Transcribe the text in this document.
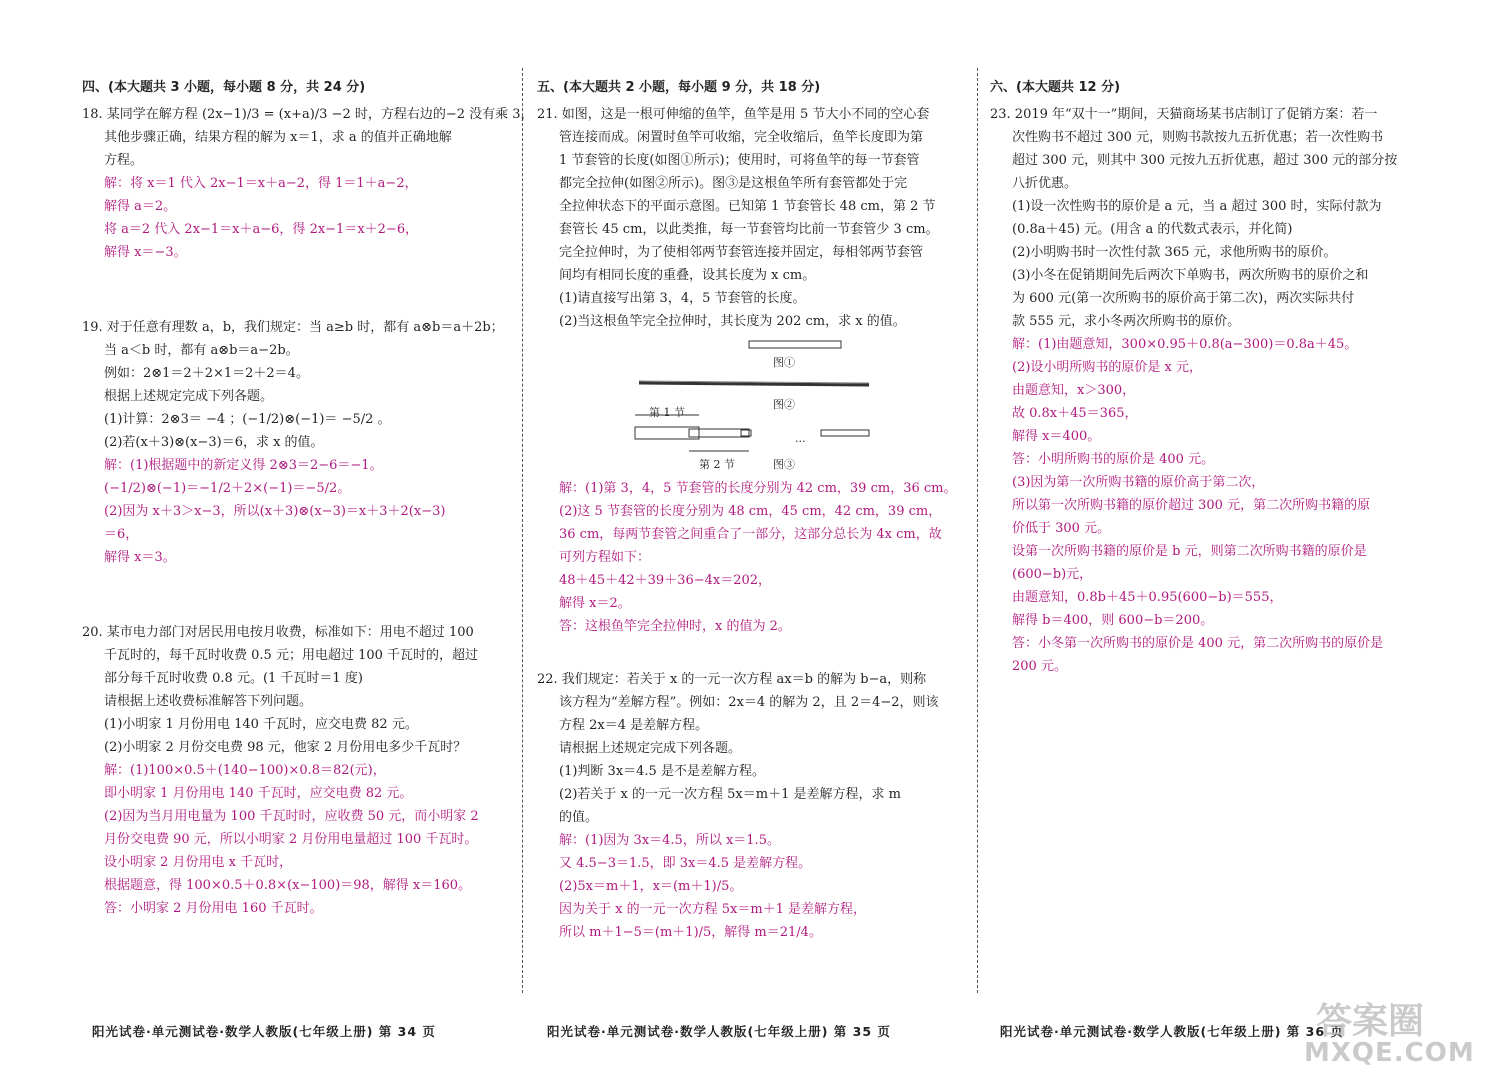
四、(本大题共 3 小题，每小题 8 分，共 24 分)
18. 某同学在解方程 (2x−1)/3 = (x+a)/3 −2 时，方程右边的−2 没有乘 3，
其他步骤正确，结果方程的解为 x＝1，求 a 的值并正确地解
方程。
解：将 x＝1 代入 2x−1＝x＋a−2，得 1＝1＋a−2，
解得 a＝2。
将 a＝2 代入 2x−1＝x＋a−6，得 2x−1＝x＋2−6，
解得 x＝−3。
19. 对于任意有理数 a，b，我们规定：当 a≥b 时，都有 a⊗b＝a＋2b；
当 a＜b 时，都有 a⊗b＝a−2b。
例如：2⊗1＝2＋2×1＝2＋2＝4。
根据上述规定完成下列各题。
(1)计算：2⊗3＝ −4 ；(−1/2)⊗(−1)＝ −5/2 。
(2)若(x＋3)⊗(x−3)＝6，求 x 的值。
解：(1)根据题中的新定义得 2⊗3＝2−6＝−1。
(−1/2)⊗(−1)＝−1/2＋2×(−1)＝−5/2。
(2)因为 x＋3＞x−3，所以(x＋3)⊗(x−3)＝x＋3＋2(x−3)
＝6，
解得 x＝3。
20. 某市电力部门对居民用电按月收费，标准如下：用电不超过 100
千瓦时的，每千瓦时收费 0.5 元；用电超过 100 千瓦时的，超过
部分每千瓦时收费 0.8 元。(1 千瓦时＝1 度)
请根据上述收费标准解答下列问题。
(1)小明家 1 月份用电 140 千瓦时，应交电费 82 元。
(2)小明家 2 月份交电费 98 元，他家 2 月份用电多少千瓦时？
解：(1)100×0.5＋(140−100)×0.8＝82(元)，
即小明家 1 月份用电 140 千瓦时，应交电费 82 元。
(2)因为当月用电量为 100 千瓦时时，应收费 50 元，而小明家 2
月份交电费 90 元，所以小明家 2 月份用电量超过 100 千瓦时。
设小明家 2 月份用电 x 千瓦时，
根据题意，得 100×0.5＋0.8×(x−100)＝98，解得 x＝160。
答：小明家 2 月份用电 160 千瓦时。
五、(本大题共 2 小题，每小题 9 分，共 18 分)
21. 如图，这是一根可伸缩的鱼竿，鱼竿是用 5 节大小不同的空心套
管连接而成。闲置时鱼竿可收缩，完全收缩后，鱼竿长度即为第
1 节套管的长度(如图①所示)；使用时，可将鱼竿的每一节套管
都完全拉伸(如图②所示)。图③是这根鱼竿所有套管都处于完
全拉伸状态下的平面示意图。已知第 1 节套管长 48 cm，第 2 节
套管长 45 cm，以此类推，每一节套管均比前一节套管少 3 cm。
完全拉伸时，为了使相邻两节套管连接并固定，每相邻两节套管
间均有相同长度的重叠，设其长度为 x cm。
(1)请直接写出第 3，4，5 节套管的长度。
(2)当这根鱼竿完全拉伸时，其长度为 202 cm，求 x 的值。
图①
图②
第 1 节
第 2 节
...
图③
解：(1)第 3，4，5 节套管的长度分别为 42 cm，39 cm，36 cm。
(2)这 5 节套管的长度分别为 48 cm，45 cm，42 cm，39 cm，
36 cm，每两节套管之间重合了一部分，这部分总长为 4x cm，故
可列方程如下：
48＋45＋42＋39＋36−4x＝202，
解得 x＝2。
答：这根鱼竿完全拉伸时，x 的值为 2。
22. 我们规定：若关于 x 的一元一次方程 ax＝b 的解为 b−a，则称
该方程为“差解方程”。例如：2x＝4 的解为 2，且 2＝4−2，则该
方程 2x＝4 是差解方程。
请根据上述规定完成下列各题。
(1)判断 3x＝4.5 是不是差解方程。
(2)若关于 x 的一元一次方程 5x＝m＋1 是差解方程，求 m
的值。
解：(1)因为 3x＝4.5，所以 x＝1.5。
又 4.5−3＝1.5，即 3x＝4.5 是差解方程。
(2)5x＝m＋1，x＝(m＋1)/5。
因为关于 x 的一元一次方程 5x＝m＋1 是差解方程，
所以 m＋1−5＝(m＋1)/5，解得 m＝21/4。
六、(本大题共 12 分)
23. 2019 年“双十一”期间，天猫商场某书店制订了促销方案：若一
次性购书不超过 300 元，则购书款按九五折优惠；若一次性购书
超过 300 元，则其中 300 元按九五折优惠，超过 300 元的部分按
八折优惠。
(1)设一次性购书的原价是 a 元，当 a 超过 300 时，实际付款为
(0.8a＋45) 元。(用含 a 的代数式表示，并化简)
(2)小明购书时一次性付款 365 元，求他所购书的原价。
(3)小冬在促销期间先后两次下单购书，两次所购书的原价之和
为 600 元(第一次所购书的原价高于第二次)，两次实际共付
款 555 元，求小冬两次所购书的原价。
解：(1)由题意知，300×0.95＋0.8(a−300)＝0.8a＋45。
(2)设小明所购书的原价是 x 元，
由题意知，x＞300，
故 0.8x＋45＝365，
解得 x＝400。
答：小明所购书的原价是 400 元。
(3)因为第一次所购书籍的原价高于第二次，
所以第一次所购书籍的原价超过 300 元，第二次所购书籍的原
价低于 300 元。
设第一次所购书籍的原价是 b 元，则第二次所购书籍的原价是
(600−b)元，
由题意知，0.8b＋45＋0.95(600−b)＝555，
解得 b＝400，则 600−b＝200。
答：小冬第一次所购书的原价是 400 元，第二次所购书的原价是
200 元。
阳光试卷·单元测试卷·数学人教版(七年级上册) 第 34 页	阳光试卷·单元测试卷·数学人教版(七年级上册) 第 35 页	阳光试卷·单元测试卷·数学人教版(七年级上册) 第 36 页
答案圈
MXQE.COM
